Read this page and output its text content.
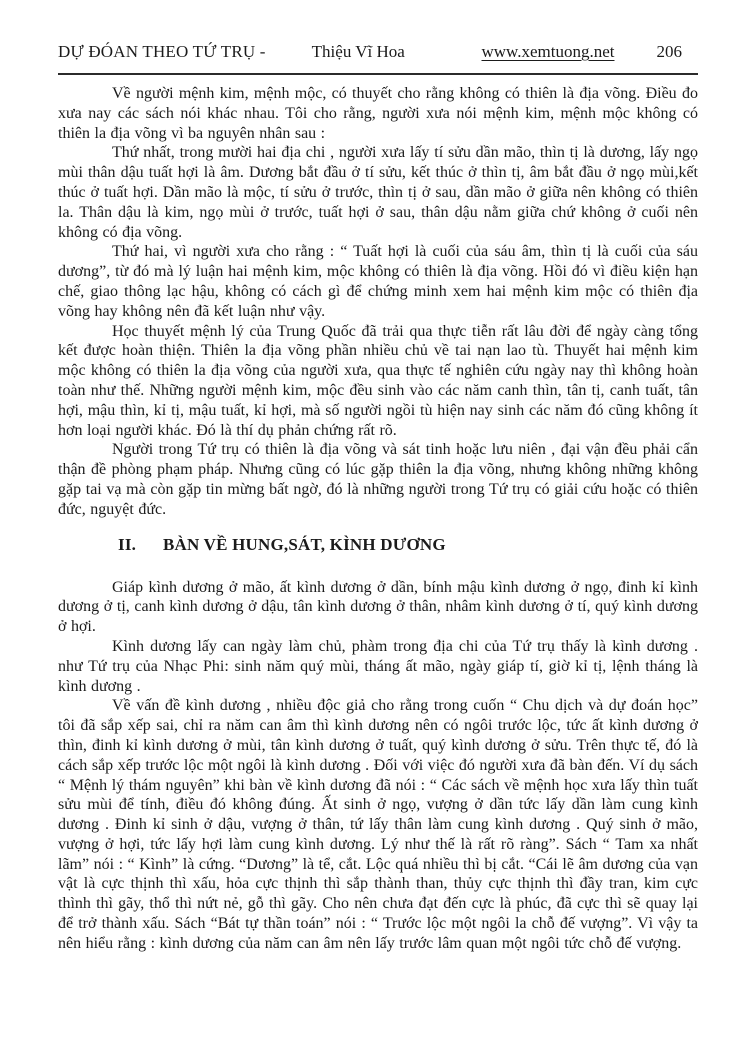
DỰ ĐÓAN THEO TỨ TRỤ -	Thiệu Vĩ Hoa	www.xemtuong.net 206

Về người mệnh kim, mệnh mộc, có thuyết cho rằng không có thiên là địa võng. Điều đo xưa nay các sách nói khác nhau. Tôi cho rằng, người xưa nói mệnh kim, mệnh mộc không có thiên la địa võng vì ba nguyên nhân sau :

Thứ nhất, trong mười hai địa chi , người xưa lấy tí sửu dần mão, thìn tị là dương, lấy ngọ mùi thân dậu tuất hợi là âm. Dương bắt đầu ở tí sửu, kết thúc ở thìn tị, âm bắt đầu ở ngọ mùi,kết thúc ở tuất hợi. Dần mão là mộc, tí sửu ở trước, thìn tị ở sau, dần mão ở giữa nên không có thiên la. Thân dậu là kim, ngọ mùi ở trước, tuất hợi ở sau, thân dậu nằm giữa chứ không ở cuối nên không có địa võng.

Thứ hai, vì người xưa cho rằng : “ Tuất hợi là cuối của sáu âm, thìn tị là cuối của sáu dương”, từ đó mà lý luận hai mệnh kim, mộc không có thiên là địa võng. Hồi đó vì điều kiện hạn chế, giao thông lạc hậu, không có cách gì để chứng minh xem hai mệnh kim mộc có thiên địa võng hay không nên đã kết luận như vậy.

Học thuyết mệnh lý của Trung Quốc đã trải qua thực tiễn rất lâu đời để ngày càng tổng kết được hoàn thiện. Thiên la địa võng phần nhiều chủ về tai nạn lao tù. Thuyết hai mệnh kim mộc không có thiên la địa võng của người xưa, qua thực tế nghiên cứu ngày nay thì không hoàn toàn như thế. Những người mệnh kim, mộc đều sinh vào các năm canh thìn, tân tị, canh tuất, tân hợi, mậu thìn, kỉ tị, mậu tuất, kỉ hợi, mà số người ngồi tù hiện nay sinh các năm đó cũng không ít hơn loại người khác. Đó là thí dụ phản chứng rất rõ.

Người trong Tứ trụ có thiên là địa võng và sát tinh hoặc lưu niên , đại vận đều phải cẩn thận đề phòng phạm pháp. Nhưng cũng có lúc gặp thiên la địa võng, nhưng không những không gặp tai vạ mà còn gặp tin mừng bất ngờ, đó là những người trong Tứ trụ có giải cứu hoặc có thiên đức, nguyệt đức.

II. BÀN VỀ HUNG,SÁT, KÌNH DƯƠNG

Giáp kình dương ở mão, ất kình dương ở dần, bính mậu kình dương ở ngọ, đinh kỉ kình dương ở tị, canh kình dương ở dậu, tân kình dương ở thân, nhâm kình dương ở tí, quý kình dương ở hợi.

Kình dương lấy can ngày làm chủ, phàm trong địa chi của Tứ trụ thấy là kình dương . như Tứ trụ của Nhạc Phi: sinh năm quý mùi, tháng ất mão, ngày giáp tí, giờ kỉ tị, lệnh tháng là kình dương .

Về vấn đề kình dương , nhiều độc giả cho rằng trong cuốn “ Chu dịch và dự đoán học” tôi đã sắp xếp sai, chỉ ra năm can âm thì kình dương nên có ngôi trước lộc, tức ất kình dương ở thìn, đinh kỉ kình dương ở mùi, tân kình dương ở tuất, quý kình dương ở sửu. Trên thực tế, đó là cách sắp xếp trước lộc một ngôi là kình dương . Đối với việc đó người xưa đã bàn đến. Ví dụ sách “ Mệnh lý thám nguyên” khi bàn về kình dương đã nói : “ Các sách về mệnh học xưa lấy thìn tuất sửu mùi để tính, điều đó không đúng. Ất sinh ở ngọ, vượng ở dần tức lấy dần làm cung kình dương . Đinh kỉ sinh ở dậu, vượng ở thân, tứ lấy thân làm cung kình dương . Quý sinh ở mão, vượng ở hợi, tức lấy hợi làm cung kình dương. Lý như thế là rất rõ ràng”. Sách “ Tam xa nhất lãm” nói : “ Kình” là cứng. “Dương” là tể, cắt. Lộc quá nhiều thì bị cắt. “Cái lẽ âm dương của vạn vật là cực thịnh thì xấu, hỏa cực thịnh thì sắp thành than, thủy cực thịnh thì đầy tran, kim cực thình thì gãy, thổ thì nứt nẻ, gỗ thì gãy. Cho nên chưa đạt đến cực là phúc, đã cực thì sẽ quay lại để trở thành xấu. Sách “Bát tự thần toán” nói : “ Trước lộc một ngôi la chỗ đế vượng”. Vì vậy ta nên hiểu rằng : kình dương của năm can âm nên lấy trước lâm quan một ngôi tức chỗ đế vượng.
